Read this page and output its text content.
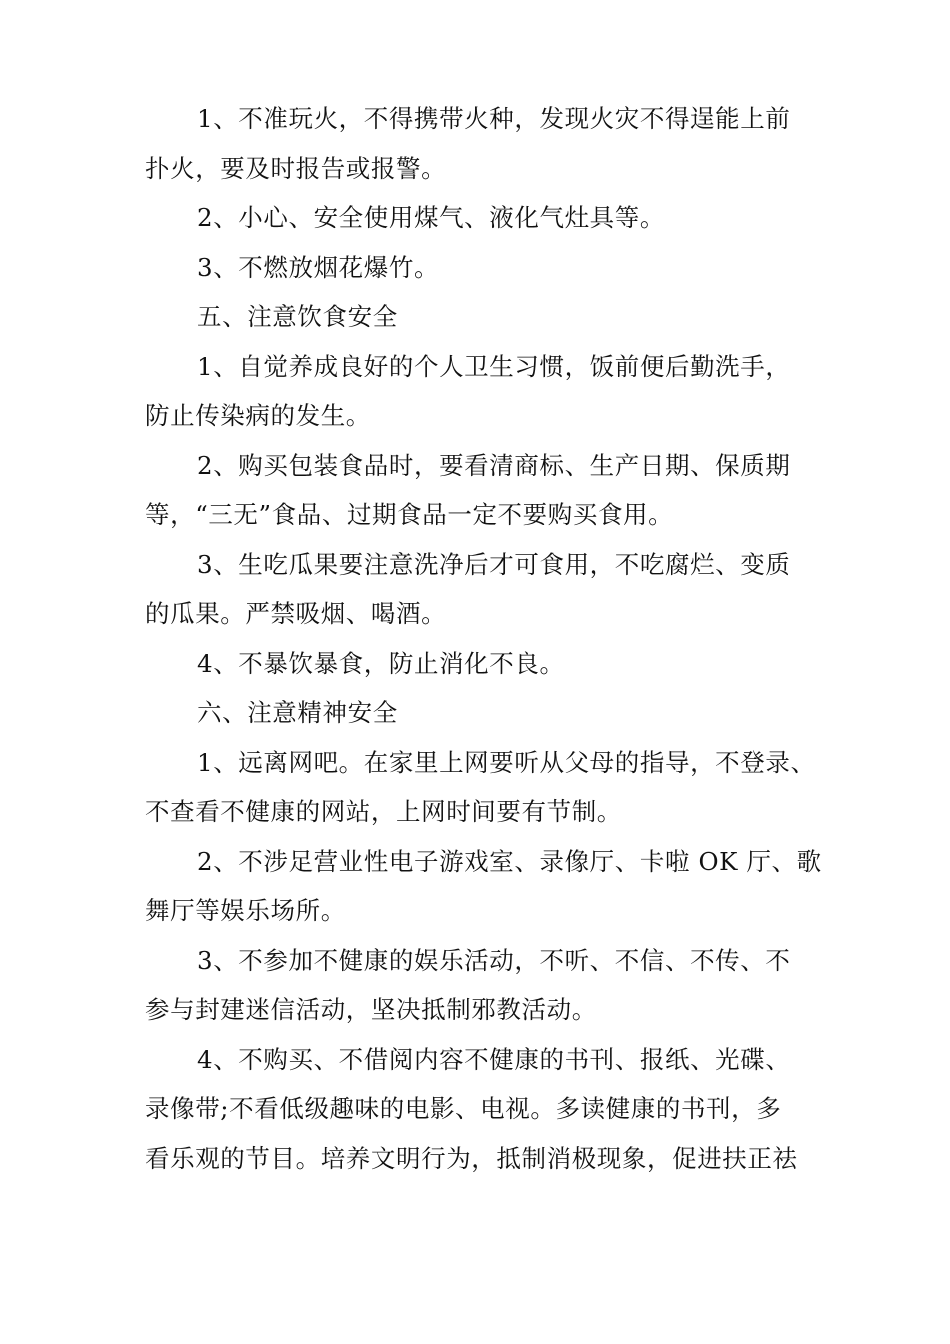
1、不准玩火，不得携带火种，发现火灾不得逞能上前
扑火，要及时报告或报警。

2、小心、安全使用煤气、液化气灶具等。

3、不燃放烟花爆竹。

五、注意饮食安全

1、自觉养成良好的个人卫生习惯，饭前便后勤洗手，
防止传染病的发生。

2、购买包装食品时，要看清商标、生产日期、保质期
等，“三无”食品、过期食品一定不要购买食用。

3、生吃瓜果要注意洗净后才可食用，不吃腐烂、变质
的瓜果。严禁吸烟、喝酒。

4、不暴饮暴食，防止消化不良。

六、注意精神安全

1、远离网吧。在家里上网要听从父母的指导，不登录、
不查看不健康的网站，上网时间要有节制。

2、不涉足营业性电子游戏室、录像厅、卡啦 OK 厅、歌
舞厅等娱乐场所。

3、不参加不健康的娱乐活动，不听、不信、不传、不
参与封建迷信活动，坚决抵制邪教活动。

4、不购买、不借阅内容不健康的书刊、报纸、光碟、
录像带;不看低级趣味的电影、电视。多读健康的书刊，多
看乐观的节目。培养文明行为，抵制消极现象，促进扶正祛
